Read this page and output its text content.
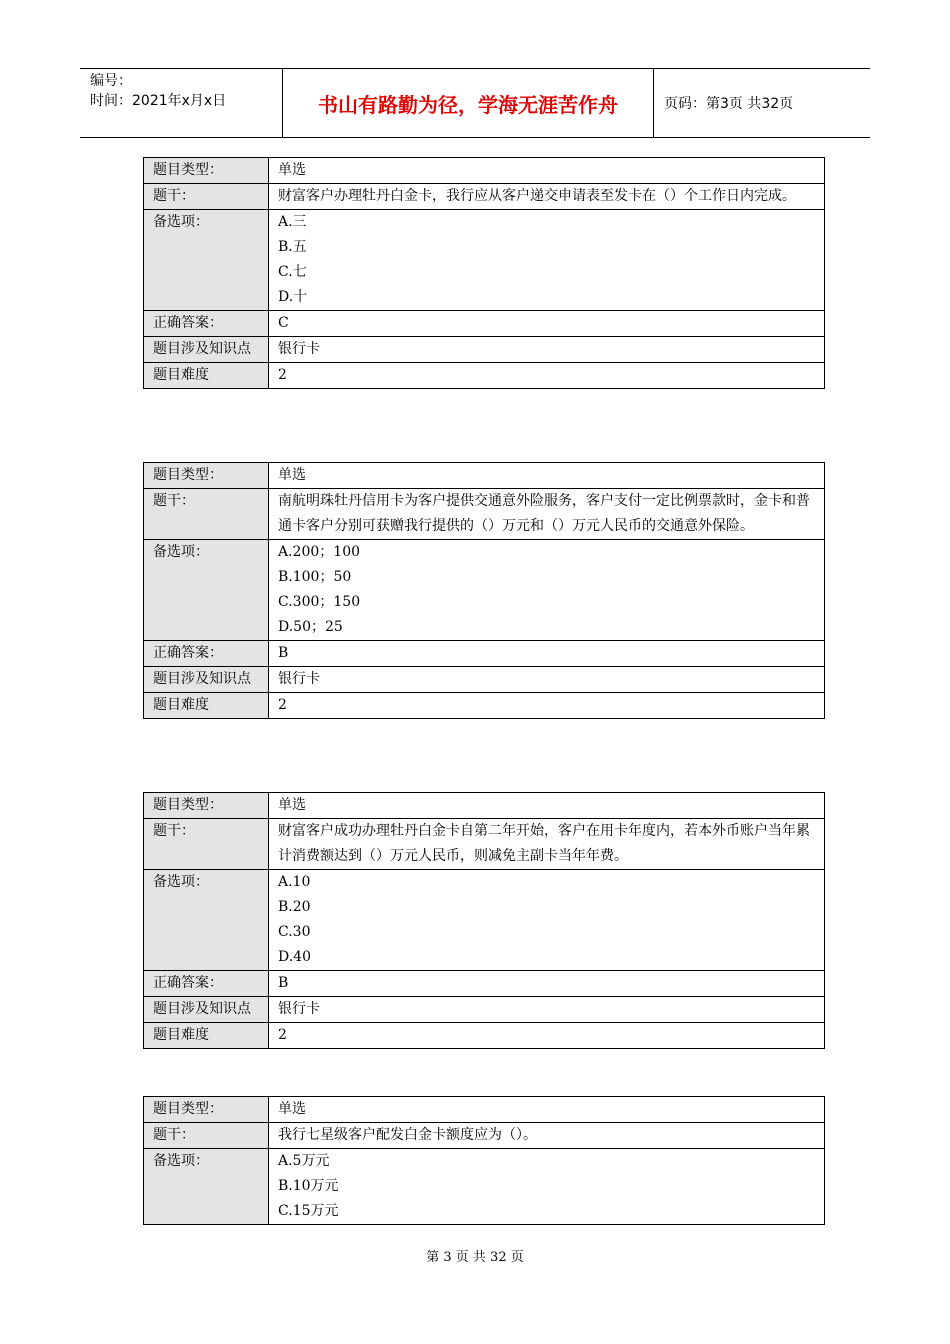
编号：
时间：2021年x月x日	书山有路勤为径，学海无涯苦作舟	页码：第3页 共32页
题目类型：	单选
题干：	财富客户办理牡丹白金卡，我行应从客户递交申请表至发卡在（）个工作日内完成。
备选项：	A.三
B.五
C.七
D.十

正确答案：	C
题目涉及知识点	银行卡
题目难度	2
题目类型：	单选
题干：	南航明珠牡丹信用卡为客户提供交通意外险服务，客户支付一定比例票款时，金卡和普通卡客户分别可获赠我行提供的（）万元和（）万元人民币的交通意外保险。
备选项：	A.200；100
B.100；50
C.300；150
D.50；25

正确答案：	B
题目涉及知识点	银行卡
题目难度	2
题目类型：	单选
题干：	财富客户成功办理牡丹白金卡自第二年开始，客户在用卡年度内，若本外币账户当年累计消费额达到（）万元人民币，则减免主副卡当年年费。
备选项：	A.10
B.20
C.30
D.40

正确答案：	B
题目涉及知识点	银行卡
题目难度	2
题目类型：	单选
题干：	我行七星级客户配发白金卡额度应为（）。
备选项：	A.5万元
B.10万元
C.15万元
第 3 页 共 32 页
